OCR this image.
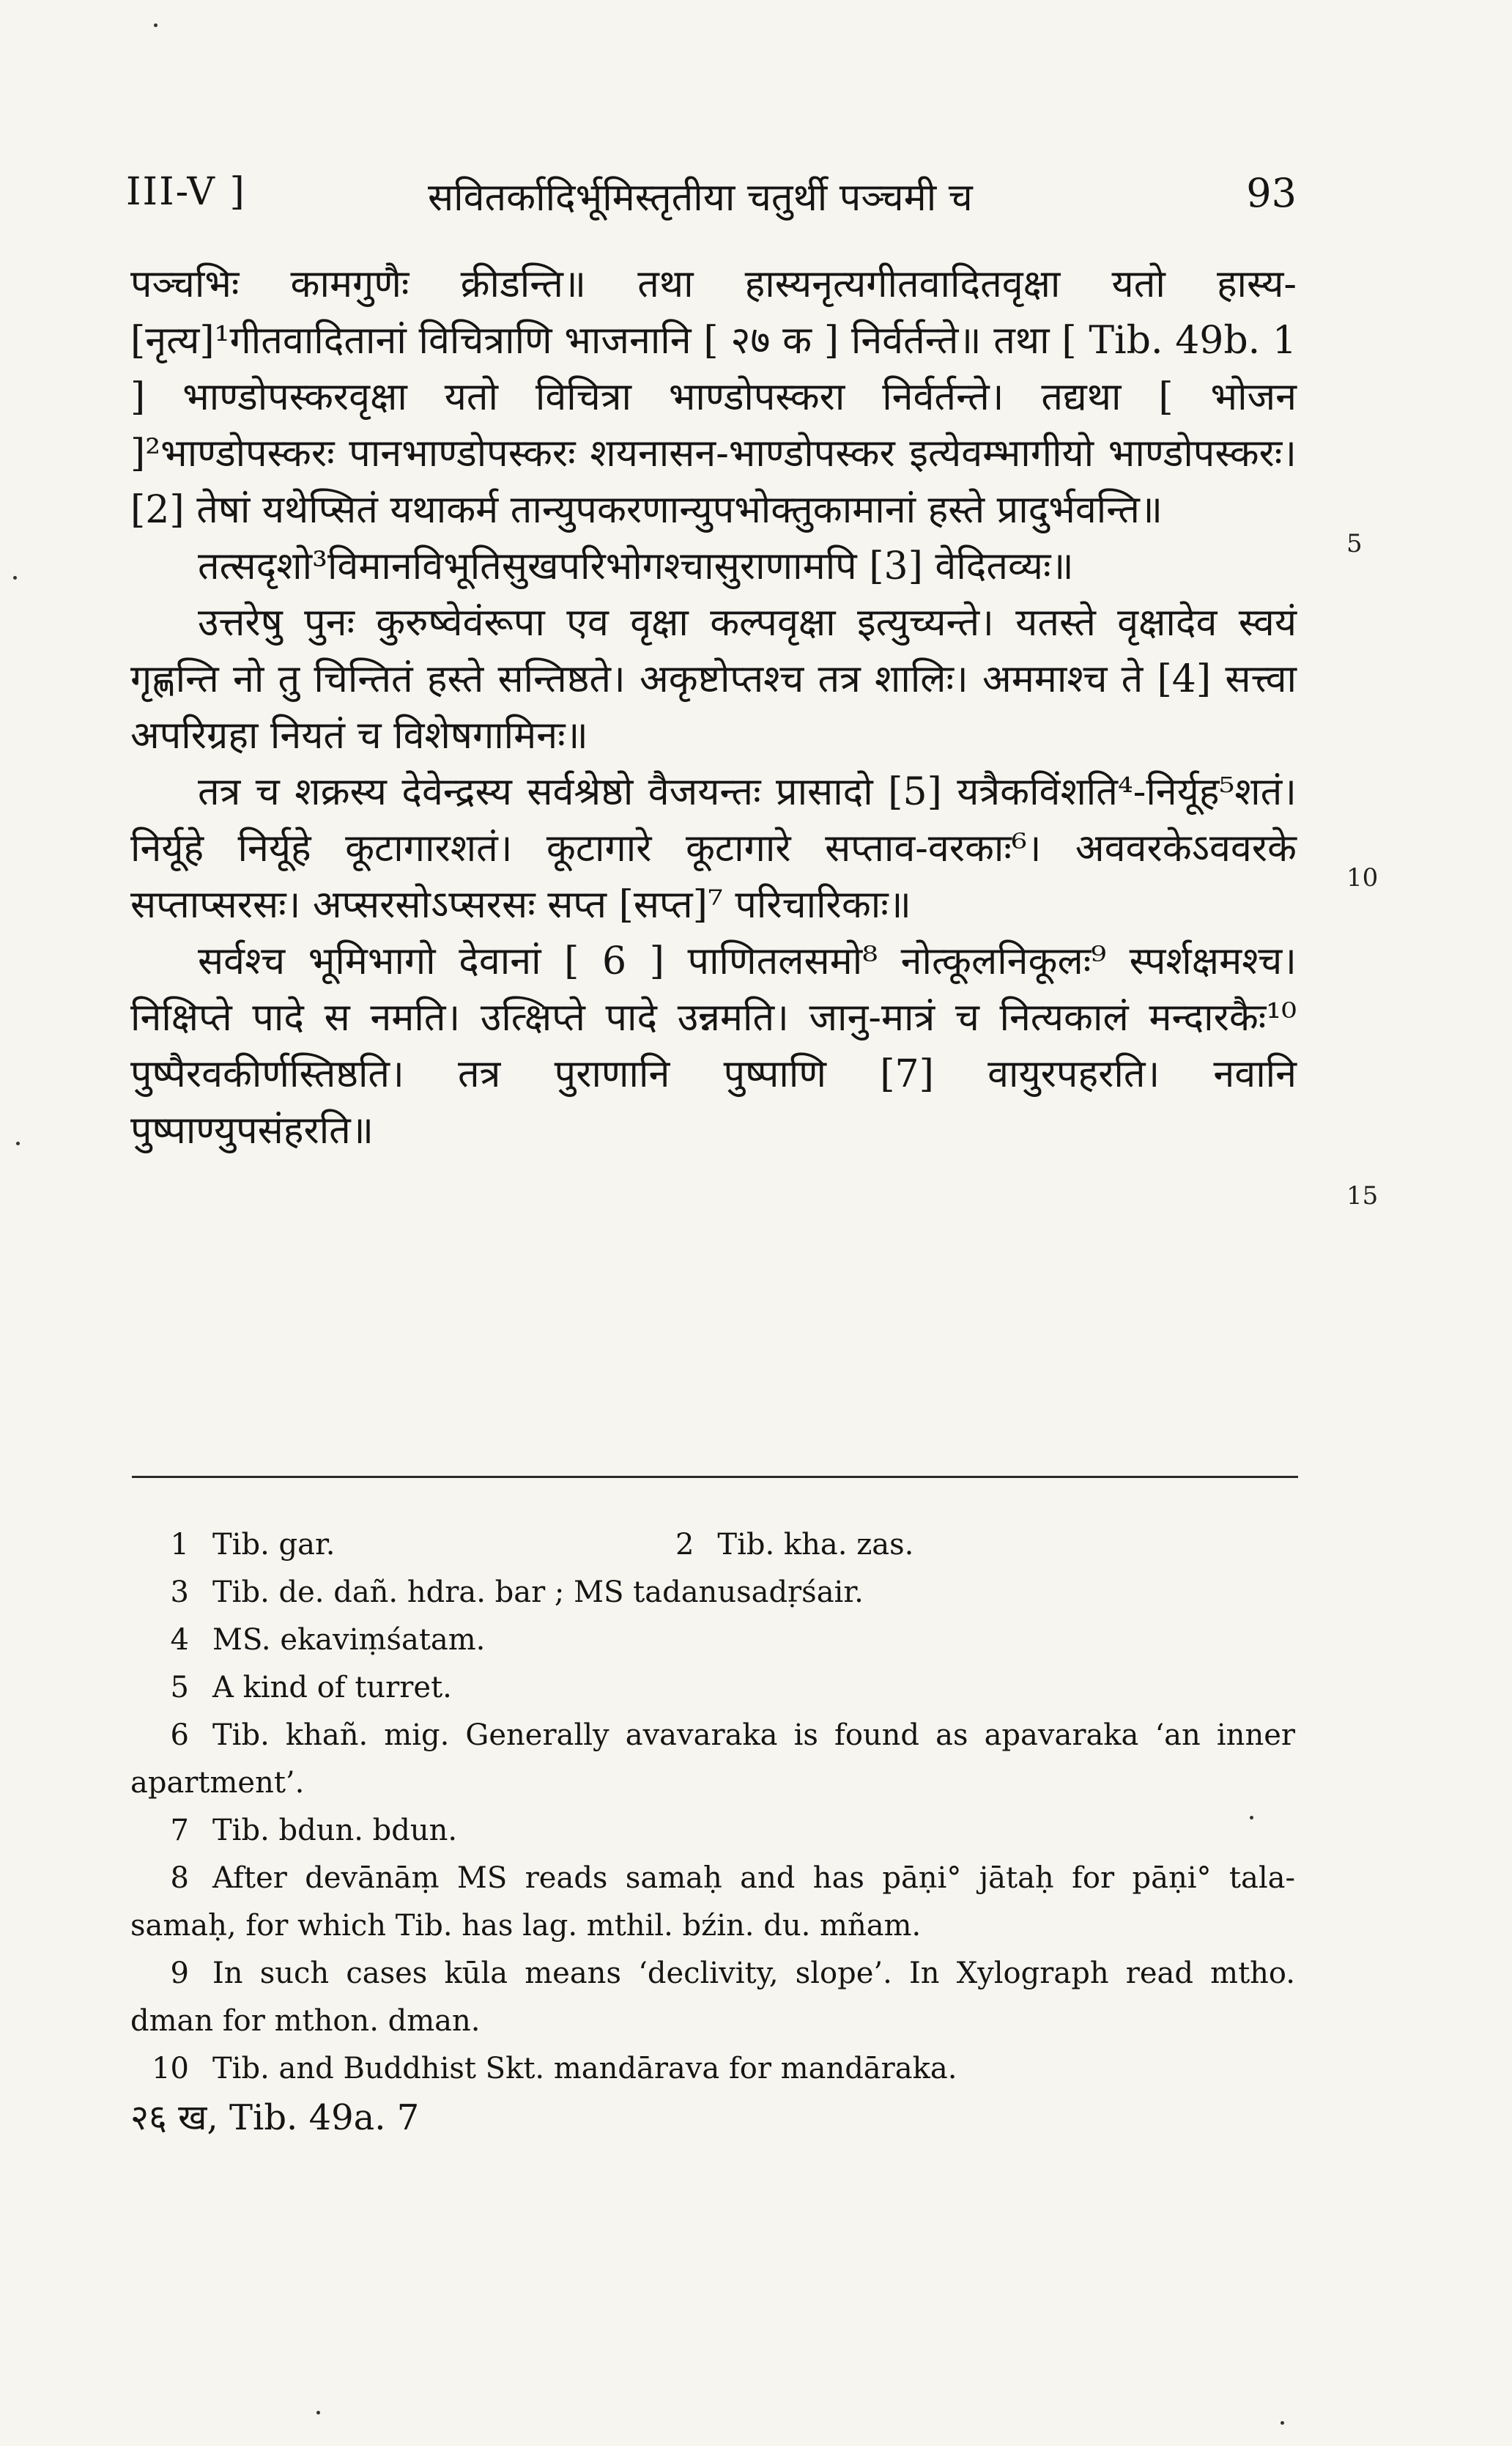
III-V ]	सवितर्कादिर्भूमिस्तृतीया चतुर्थी पञ्चमी च	93

पञ्चभिः कामगुणैः क्रीडन्ति॥ तथा हास्यनृत्यगीतवादितवृक्षा यतो हास्य-[नृत्य]¹गीतवादितानां विचित्राणि भाजनानि [ २७ क ] निर्वर्तन्ते॥ तथा [ Tib. 49b. 1 ] भाण्डोपस्करवृक्षा यतो विचित्रा भाण्डोपस्करा निर्वर्तन्ते। तद्यथा [ भोजन ]²भाण्डोपस्करः पानभाण्डोपस्करः शयनासन-भाण्डोपस्कर इत्येवम्भागीयो भाण्डोपस्करः। [2] तेषां यथेप्सितं यथाकर्म तान्युपकरणान्युपभोक्तुकामानां हस्ते प्रादुर्भवन्ति॥

तत्सदृशो³विमानविभूतिसुखपरिभोगश्चासुराणामपि [3] वेदितव्यः॥

उत्तरेषु पुनः कुरुष्वेवंरूपा एव वृक्षा कल्पवृक्षा इत्युच्यन्ते। यतस्ते वृक्षादेव स्वयं गृह्णन्ति नो तु चिन्तितं हस्ते सन्तिष्ठते। अकृष्टोप्तश्च तत्र शालिः। अममाश्च ते [4] सत्त्वा अपरिग्रहा नियतं च विशेषगामिनः॥

तत्र च शक्रस्य देवेन्द्रस्य सर्वश्रेष्ठो वैजयन्तः प्रासादो [5] यत्रैकविंशति⁴-निर्यूह⁵शतं। निर्यूहे निर्यूहे कूटागारशतं। कूटागारे कूटागारे सप्ताव-वरकाः⁶। अववरकेऽववरके सप्ताप्सरसः। अप्सरसोऽप्सरसः सप्त [सप्त]⁷ परिचारिकाः॥

सर्वश्च भूमिभागो देवानां [ 6 ] पाणितलसमो⁸ नोत्कूलनिकूलः⁹ स्पर्शक्षमश्च। निक्षिप्ते पादे स नमति। उत्क्षिप्ते पादे उन्नमति। जानु-मात्रं च नित्यकालं मन्दारकैः¹⁰ पुष्पैरवकीर्णस्तिष्ठति। तत्र पुराणानि पुष्पाणि [7] वायुरपहरति। नवानि पुष्पाण्युपसंहरति॥

5
10
15

1 Tib. gar.	2 Tib. kha. zas.

3 Tib. de. dañ. hdra. bar ; MS tadanusadṛśair.

4 MS. ekaviṃśatam.

5 A kind of turret.

6 Tib. khañ. mig. Generally avavaraka is found as apavaraka ‘an inner apartment’.

7 Tib. bdun. bdun.

8 After devānāṃ MS reads samaḥ and has pāṇi° jātaḥ for pāṇi° tala-samaḥ, for which Tib. has lag. mthil. bźin. du. mñam.

9 In such cases kūla means ‘declivity, slope’. In Xylograph read mtho. dman for mthon. dman.

10 Tib. and Buddhist Skt. mandārava for mandāraka.

२६ ख, Tib. 49a. 7
